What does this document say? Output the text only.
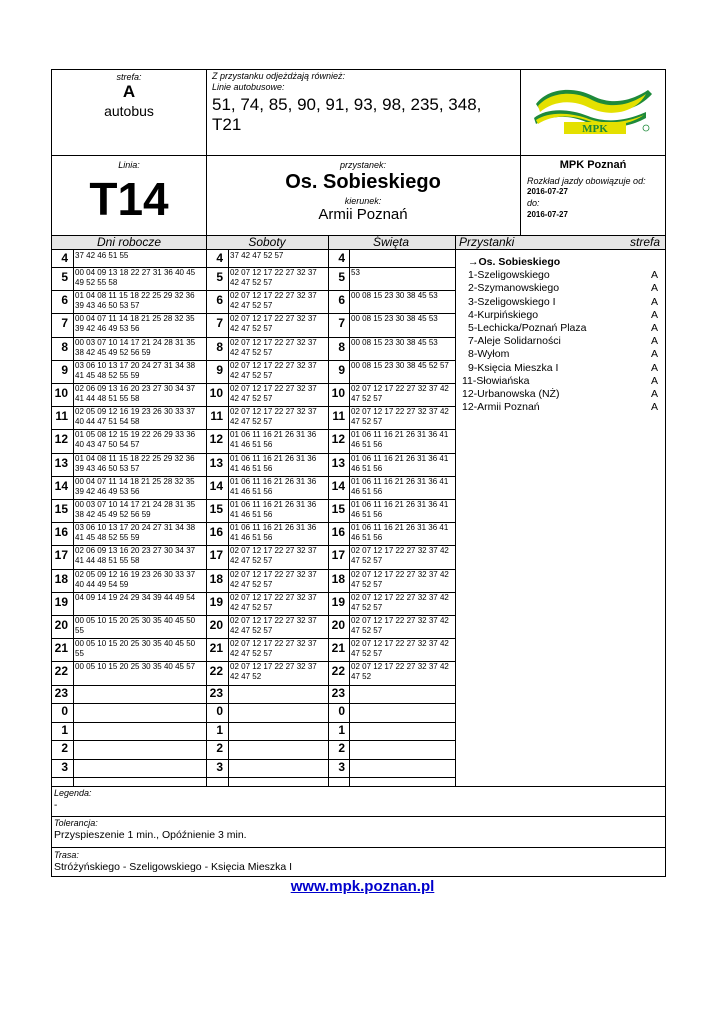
strefa:
A
autobus
Z przystanku odjeżdżają również:
Linie autobusowe:
51, 74, 85, 90, 91, 93, 98, 235, 348,
T21	MPK
Linia:
T14
przystanek:
Os. Sobieskiego
kierunek:
Armii Poznań
MPK Poznań
Rozkład jazdy obowiązuje od:
2016-07-27
do:
2016-07-27
Dni robocze	Soboty	Święta	Przystanki	strefa
4 37 42 46 51 55	4 37 42 47 52 57	4
5 00 04 09 13 18 22 27 31 36 40 45 49 52 55 58	5 02 07 12 17 22 27 32 37 42 47 52 57	5 53
6 01 04 08 11 15 18 22 25 29 32 36 39 43 46 50 53 57	6 02 07 12 17 22 27 32 37 42 47 52 57	6 00 08 15 23 30 38 45 53
7 00 04 07 11 14 18 21 25 28 32 35 39 42 46 49 53 56	7 02 07 12 17 22 27 32 37 42 47 52 57	7 00 08 15 23 30 38 45 53
8 00 03 07 10 14 17 21 24 28 31 35 38 42 45 49 52 56 59	8 02 07 12 17 22 27 32 37 42 47 52 57	8 00 08 15 23 30 38 45 53
9 03 06 10 13 17 20 24 27 31 34 38 41 45 48 52 55 59	9 02 07 12 17 22 27 32 37 42 47 52 57	9 00 08 15 23 30 38 45 52 57
10 02 06 09 13 16 20 23 27 30 34 37 41 44 48 51 55 58	10 02 07 12 17 22 27 32 37 42 47 52 57	10 02 07 12 17 22 27 32 37 42 47 52 57
11 02 05 09 12 16 19 23 26 30 33 37 40 44 47 51 54 58	11 02 07 12 17 22 27 32 37 42 47 52 57	11 02 07 12 17 22 27 32 37 42 47 52 57
12 01 05 08 12 15 19 22 26 29 33 36 40 43 47 50 54 57	12 01 06 11 16 21 26 31 36 41 46 51 56	12 01 06 11 16 21 26 31 36 41 46 51 56
13 01 04 08 11 15 18 22 25 29 32 36 39 43 46 50 53 57	13 01 06 11 16 21 26 31 36 41 46 51 56	13 01 06 11 16 21 26 31 36 41 46 51 56
14 00 04 07 11 14 18 21 25 28 32 35 39 42 46 49 53 56	14 01 06 11 16 21 26 31 36 41 46 51 56	14 01 06 11 16 21 26 31 36 41 46 51 56
15 00 03 07 10 14 17 21 24 28 31 35 38 42 45 49 52 56 59	15 01 06 11 16 21 26 31 36 41 46 51 56	15 01 06 11 16 21 26 31 36 41 46 51 56
16 03 06 10 13 17 20 24 27 31 34 38 41 45 48 52 55 59	16 01 06 11 16 21 26 31 36 41 46 51 56	16 01 06 11 16 21 26 31 36 41 46 51 56
17 02 06 09 13 16 20 23 27 30 34 37 41 44 48 51 55 58	17 02 07 12 17 22 27 32 37 42 47 52 57	17 02 07 12 17 22 27 32 37 42 47 52 57
18 02 05 09 12 16 19 23 26 30 33 37 40 44 49 54 59	18 02 07 12 17 22 27 32 37 42 47 52 57	18 02 07 12 17 22 27 32 37 42 47 52 57
19 04 09 14 19 24 29 34 39 44 49 54	19 02 07 12 17 22 27 32 37 42 47 52 57	19 02 07 12 17 22 27 32 37 42 47 52 57
20 00 05 10 15 20 25 30 35 40 45 50 55	20 02 07 12 17 22 27 32 37 42 47 52 57	20 02 07 12 17 22 27 32 37 42 47 52 57
21 00 05 10 15 20 25 30 35 40 45 50 55	21 02 07 12 17 22 27 32 37 42 47 52 57	21 02 07 12 17 22 27 32 37 42 47 52 57
22 00 05 10 15 20 25 30 35 40 45 57	22 02 07 12 17 22 27 32 37 42 47 52	22 02 07 12 17 22 27 32 37 42 47 52
23	23	23
0	0	0
1	1	1
2	2	2
3	3	3
→Os. Sobieskiego
1-Szeligowskiego	A
2-Szymanowskiego	A
3-Szeligowskiego I	A
4-Kurpińskiego	A
5-Lechicka/Poznań Plaza	A
7-Aleje Solidarności	A
8-Wyłom	A
9-Księcia Mieszka I	A
11-Słowiańska	A
12-Urbanowska (NŻ)	A
12-Armii Poznań	A
Legenda:
-
Tolerancja:
Przyspieszenie 1 min., Opóźnienie 3 min.
Trasa:
Stróżyńskiego - Szeligowskiego - Księcia Mieszka I
www.mpk.poznan.pl
